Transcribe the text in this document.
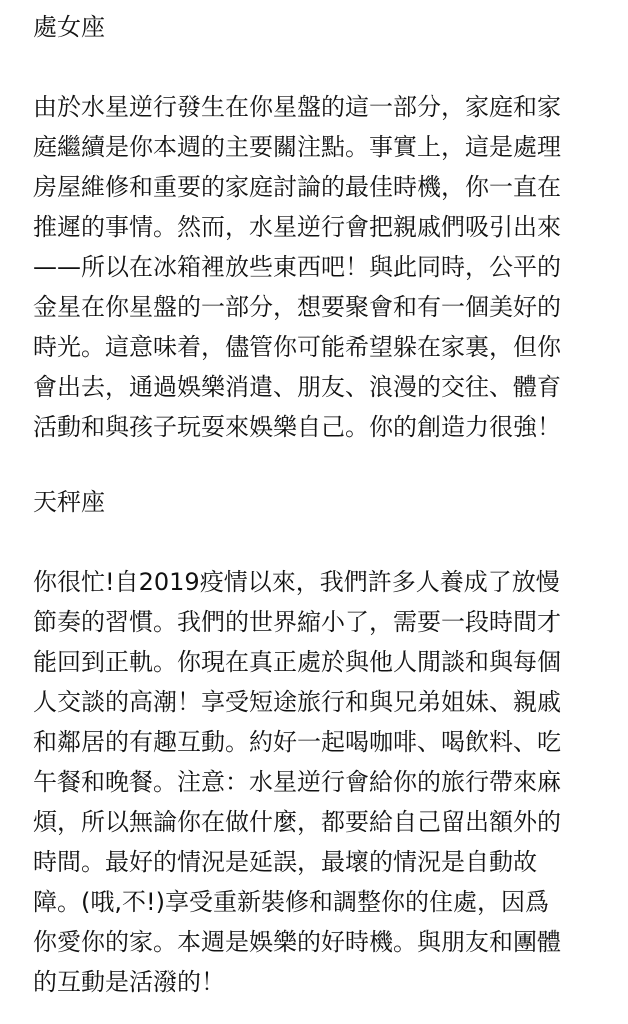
處女座
由於水星逆行發生在你星盤的這一部分，家庭和家
庭繼續是你本週的主要關注點。事實上，這是處理
房屋維修和重要的家庭討論的最佳時機，你一直在
推遲的事情。然而，水星逆行會把親戚們吸引出來
——所以在冰箱裡放些東西吧！與此同時，公平的
金星在你星盤的一部分，想要聚會和有一個美好的
時光。這意味着，儘管你可能希望躲在家裏，但你
會出去，通過娛樂消遣、朋友、浪漫的交往、體育
活動和與孩子玩耍來娛樂自己。你的創造力很強！
天秤座
你很忙!自2019疫情以來，我們許多人養成了放慢
節奏的習慣。我們的世界縮小了，需要一段時間才
能回到正軌。你現在真正處於與他人閒談和與每個
人交談的高潮！享受短途旅行和與兄弟姐妹、親戚
和鄰居的有趣互動。約好一起喝咖啡、喝飲料、吃
午餐和晚餐。注意：水星逆行會給你的旅行帶來麻
煩，所以無論你在做什麼，都要給自己留出額外的
時間。最好的情況是延誤，最壞的情況是自動故
障。(哦,不!)享受重新裝修和調整你的住處，因爲
你愛你的家。本週是娛樂的好時機。與朋友和團體
的互動是活潑的！
